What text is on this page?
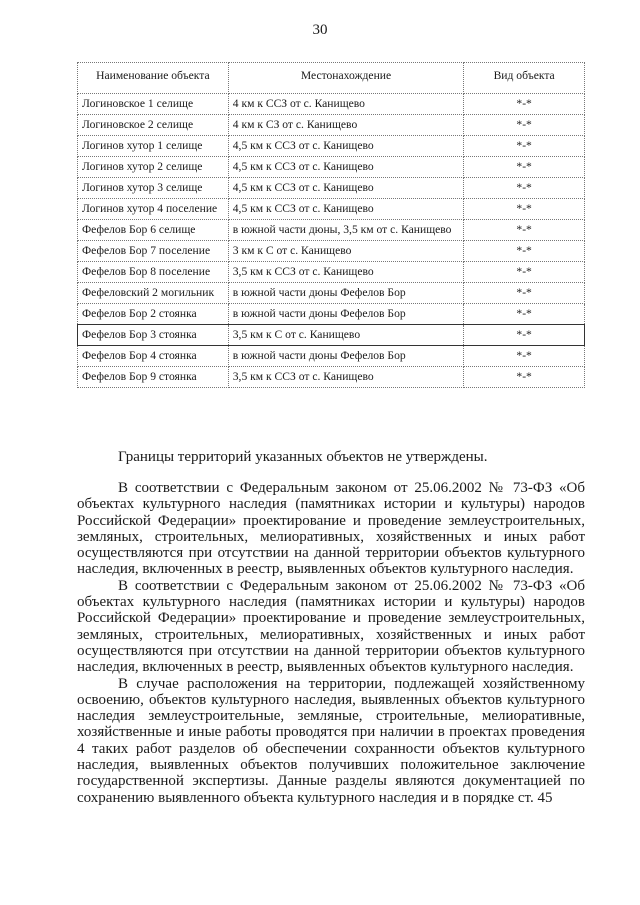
30
Наименование объекта	Местонахождение	Вид объекта
Логиновское 1 селище	4 км к ССЗ от с. Канищево	*-*
Логиновское 2 селище	4 км к СЗ от с. Канищево	*-*
Логинов хутор 1 селище	4,5 км к ССЗ от с. Канищево	*-*
Логинов хутор 2 селище	4,5 км к ССЗ от с. Канищево	*-*
Логинов хутор 3 селище	4,5 км к ССЗ от с. Канищево	*-*
Логинов хутор 4 поселение	4,5 км к ССЗ от с. Канищево	*-*
Фефелов Бор 6 селище	в южной части дюны, 3,5 км от с. Канищево	*-*
Фефелов Бор 7 поселение	3 км к С от с. Канищево	*-*
Фефелов Бор 8 поселение	3,5 км к ССЗ от с. Канищево	*-*
Фефеловский 2 могильник	в южной части дюны Фефелов Бор	*-*
Фефелов Бор 2 стоянка	в южной части дюны Фефелов Бор	*-*
Фефелов Бор 3 стоянка	3,5 км к С от с. Канищево	*-*
Фефелов Бор 4 стоянка	в южной части дюны Фефелов Бор	*-*
Фефелов Бор 9 стоянка	3,5 км к ССЗ от с. Канищево	*-*
Границы территорий указанных объектов не утверждены.

В соответствии с Федеральным законом от 25.06.2002 № 73-ФЗ «Об объектах культурного наследия (памятниках истории и культуры) народов Российской Федерации» проектирование и проведение землеустроительных, земляных, строительных, мелиоративных, хозяйственных и иных работ осуществляются при отсутствии на данной территории объектов культурного наследия, включенных в реестр, выявленных объектов культурного наследия.

В соответствии с Федеральным законом от 25.06.2002 № 73-ФЗ «Об объектах культурного наследия (памятниках истории и культуры) народов Российской Федерации» проектирование и проведение землеустроительных, земляных, строительных, мелиоративных, хозяйственных и иных работ осуществляются при отсутствии на данной территории объектов культурного наследия, включенных в реестр, выявленных объектов культурного наследия.

В случае расположения на территории, подлежащей хозяйственному освоению, объектов культурного наследия, выявленных объектов культурного наследия землеустроительные, земляные, строительные, мелиоративные, хозяйственные и иные работы проводятся при наличии в проектах проведения 4 таких работ разделов об обеспечении сохранности объектов культурного наследия, выявленных объектов получивших положительное заключение государственной экспертизы. Данные разделы являются документацией по сохранению выявленного объекта культурного наследия и в порядке ст. 45
